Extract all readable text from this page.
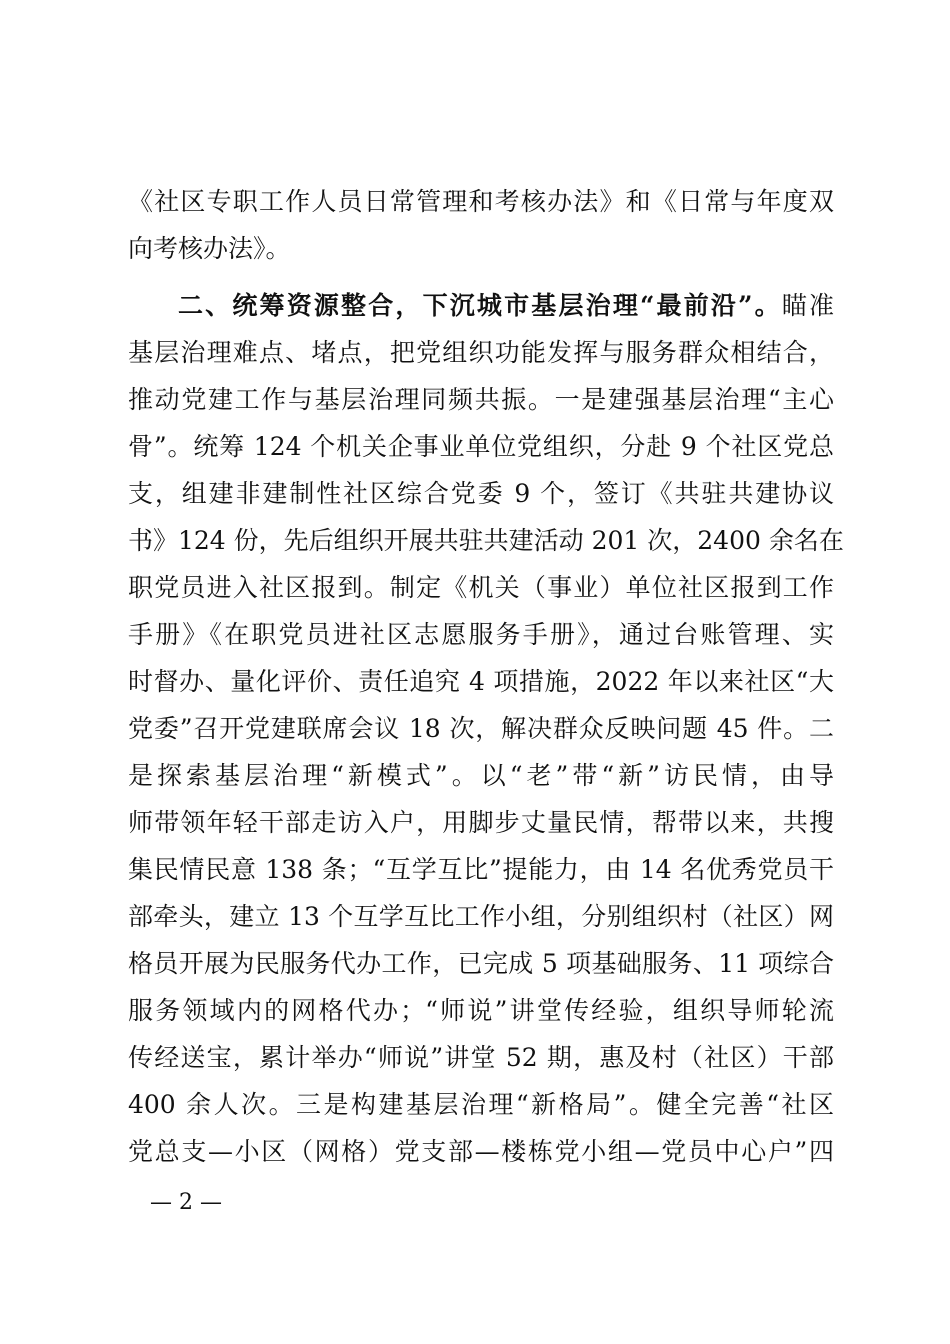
《社区专职工作人员日常管理和考核办法》和《日常与年度双
向考核办法》。
二、统筹资源整合，下沉城市基层治理“最前沿”。瞄准
基层治理难点、堵点，把党组织功能发挥与服务群众相结合，
推动党建工作与基层治理同频共振。一是建强基层治理“主心
骨”。统筹 124 个机关企事业单位党组织，分赴 9 个社区党总
支，组建非建制性社区综合党委 9 个，签订《共驻共建协议
书》124 份，先后组织开展共驻共建活动 201 次，2400 余名在
职党员进入社区报到。制定《机关（事业）单位社区报到工作
手册》《在职党员进社区志愿服务手册》，通过台账管理、实
时督办、量化评价、责任追究 4 项措施，2022 年以来社区“大
党委”召开党建联席会议 18 次，解决群众反映问题 45 件。二
是探索基层治理“新模式”。以“老”带“新”访民情，由导
师带领年轻干部走访入户，用脚步丈量民情，帮带以来，共搜
集民情民意 138 条；“互学互比”提能力，由 14 名优秀党员干
部牵头，建立 13 个互学互比工作小组，分别组织村（社区）网
格员开展为民服务代办工作，已完成 5 项基础服务、11 项综合
服务领域内的网格代办；“师说”讲堂传经验，组织导师轮流
传经送宝，累计举办“师说”讲堂 52 期，惠及村（社区）干部
400 余人次。三是构建基层治理“新格局”。健全完善“社区
党总支—小区（网格）党支部—楼栋党小组—党员中心户”四
— 2 —
